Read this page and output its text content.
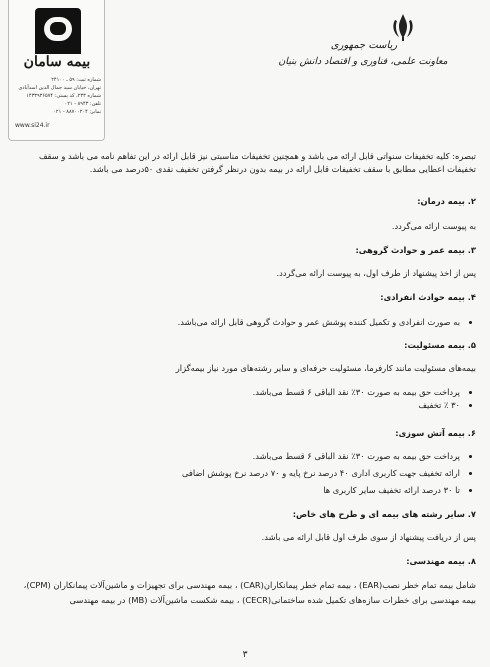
بیمه سامان
شماره ثبت: ۵۹ ـ ۲۴۱۰۰
تهران، خیابان سید جمال الدین اسدآبادی
شماره ۲۳۳، کد پستی: ۱۴۳۳۹۳۶۵۷۴
تلفن: ۸۹۴۳ - ۰۲۱
نمابر: ۸۸۷۰۰۲۰۴ - ۰۲۱
www.si24.ir
ریاست جمهوری
معاونت علمی، فناوری و اقتصاد دانش بنیان

تبصره: کلیه تخفیفات سنواتی قابل ارائه می باشد و همچنین تخفیفات مناسبتی نیز قابل ارائه در این تفاهم نامه می باشد و سقف تخفیفات اعطایی مطابق با سقف تخفیفات قابل ارائه در بیمه بدون درنظر گرفتن تخفیف نقدی ۵۰درصد می باشد.

۲. بیمه درمان:

به پیوست ارائه می‌گردد.

۳. بیمه عمر و حوادث گروهی:

پس از اخذ پیشنهاد از طرف اول، به پیوست ارائه می‌گردد.

۴. بیمه حوادث انفرادی:

• به صورت انفرادی و تکمیل کننده پوشش عمر و حوادث گروهی قابل ارائه می‌باشد.

۵. بیمه مسئولیت:

بیمه‌های مسئولیت مانند کارفرما، مسئولیت حرفه‌ای و سایر رشته‌های مورد نیاز بیمه‌گزار

• پرداخت حق بیمه به صورت ۳۰٪ نقد الباقی ۶ قسط می‌باشد.
• ۳۰ ٪ تخفیف

۶. بیمه آتش سوزی:

• پرداخت حق بیمه به صورت ۳۰٪ نقد الباقی ۶ قسط می‌باشد.
• ارائه تخفیف جهت کاربری اداری ۴۰ درصد نرخ پایه و ۷۰ درصد نرخ پوشش اضافی
• تا ۳۰ درصد ارائه تخفیف سایر کاربری ها

۷. سایر رشته های بیمه ای و طرح های خاص:

پس از دریافت پیشنهاد از سوی طرف اول قابل ارائه می باشد.

۸. بیمه مهندسی:

شامل بیمه تمام خطر نصب(EAR) ، بیمه تمام خطر پیمانکاران(CAR) ، بیمه مهندسی برای تجهیزات و ماشین‌آلات پیمانکاران (CPM)، بیمه مهندسی برای خطرات سازه‌های تکمیل شده ساختمانی(CECR) ، بیمه شکست ماشین‌آلات (MB) در بیمه مهندسی

۳
